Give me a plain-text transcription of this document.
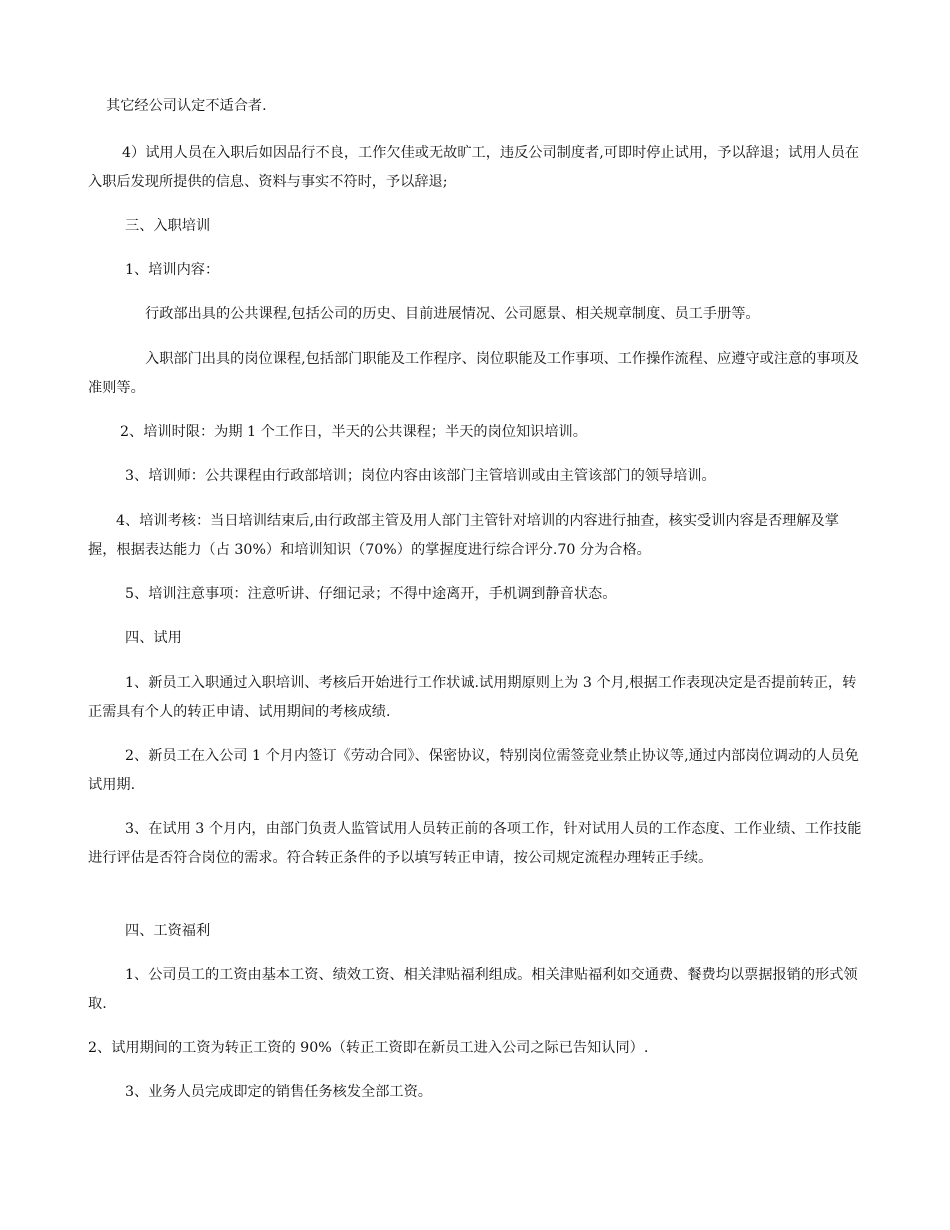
其它经公司认定不适合者.

4）试用人员在入职后如因品行不良，工作欠佳或无故旷工，违反公司制度者,可即时停止试用，予以辞退；试用人员在入职后发现所提供的信息、资料与事实不符时，予以辞退;

三、入职培训

1、培训内容：

行政部出具的公共课程,包括公司的历史、目前进展情况、公司愿景、相关规章制度、员工手册等。

入职部门出具的岗位课程,包括部门职能及工作程序、岗位职能及工作事项、工作操作流程、应遵守或注意的事项及准则等。

2、培训时限：为期 1 个工作日，半天的公共课程；半天的岗位知识培训。

3、培训师：公共课程由行政部培训；岗位内容由该部门主管培训或由主管该部门的领导培训。

4、培训考核：当日培训结束后,由行政部主管及用人部门主管针对培训的内容进行抽查，核实受训内容是否理解及掌握，根据表达能力（占 30%）和培训知识（70%）的掌握度进行综合评分.70 分为合格。

5、培训注意事项：注意听讲、仔细记录；不得中途离开，手机调到静音状态。

四、试用

1、新员工入职通过入职培训、考核后开始进行工作状诚.试用期原则上为 3 个月,根据工作表现决定是否提前转正，转正需具有个人的转正申请、试用期间的考核成绩.

2、新员工在入公司 1 个月内签订《劳动合同》、保密协议，特别岗位需签竞业禁止协议等,通过内部岗位调动的人员免试用期.

3、在试用 3 个月内，由部门负责人监管试用人员转正前的各项工作，针对试用人员的工作态度、工作业绩、工作技能进行评估是否符合岗位的需求。符合转正条件的予以填写转正申请，按公司规定流程办理转正手续。

四、工资福利

1、公司员工的工资由基本工资、绩效工资、相关津贴福利组成。相关津贴福利如交通费、餐费均以票据报销的形式领取.

2、试用期间的工资为转正工资的 90%（转正工资即在新员工进入公司之际已告知认同）.

3、业务人员完成即定的销售任务核发全部工资。
